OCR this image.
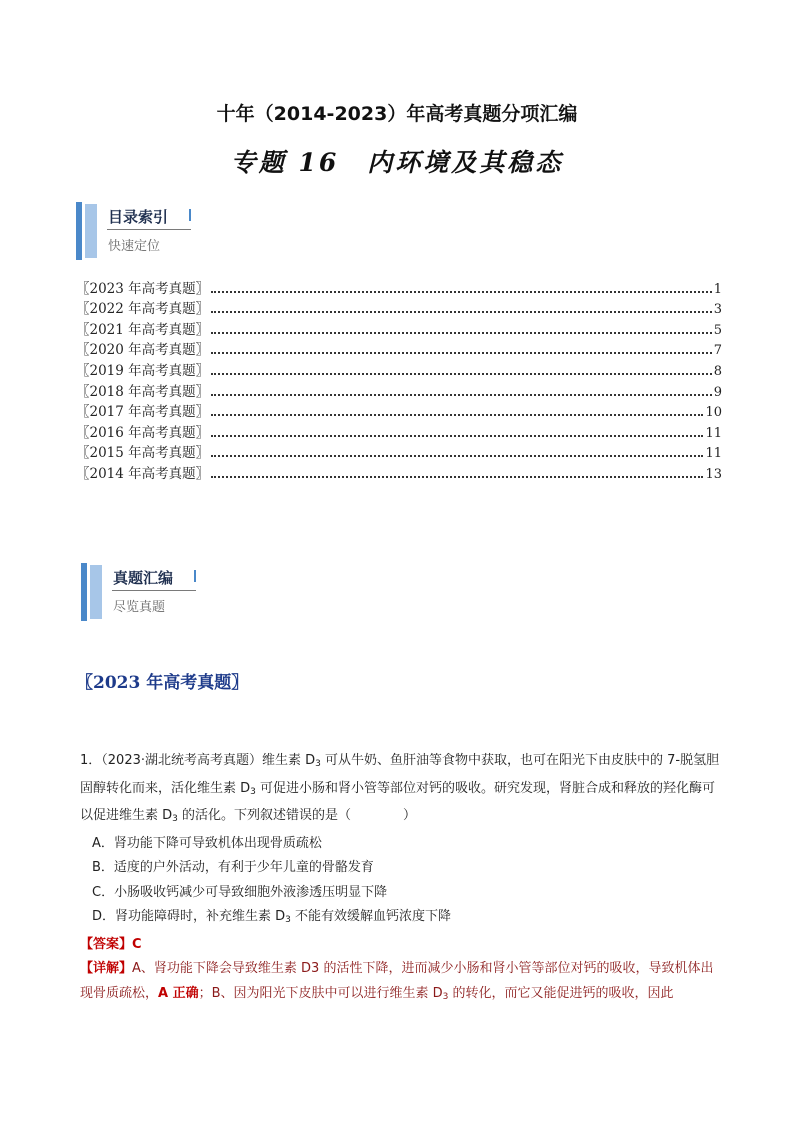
十年（2014-2023）年高考真题分项汇编
专题 16　内环境及其稳态
目录索引
快速定位
〖2023 年高考真题〗	1
〖2022 年高考真题〗	3
〖2021 年高考真题〗	5
〖2020 年高考真题〗	7
〖2019 年高考真题〗	8
〖2018 年高考真题〗	9
〖2017 年高考真题〗	10
〖2016 年高考真题〗	11
〖2015 年高考真题〗	11
〖2014 年高考真题〗	13
真题汇编
尽览真题
〖2023 年高考真题〗

1．（2023·湖北统考高考真题）维生素 $D_3$ 可从牛奶、鱼肝油等食物中获取，也可在阳光下由皮肤中的 7-脱氢胆固醇转化而来，活化维生素 $D_3$ 可促进小肠和肾小管等部位对钙的吸收。研究发现，肾脏合成和释放的羟化酶可以促进维生素 $D_3$ 的活化。下列叙述错误的是（　　　　）

A．肾功能下降可导致机体出现骨质疏松

B．适度的户外活动，有利于少年儿童的骨骼发育

C．小肠吸收钙减少可导致细胞外液渗透压明显下降

D．肾功能障碍时，补充维生素 $D_3$ 不能有效缓解血钙浓度下降

【答案】C

【详解】A、肾功能下降会导致维生素 D3 的活性下降，进而减少小肠和肾小管等部位对钙的吸收，导致机体出现骨质疏松，A 正确；B、因为阳光下皮肤中可以进行维生素 $D_3$ 的转化，而它又能促进钙的吸收，因此
